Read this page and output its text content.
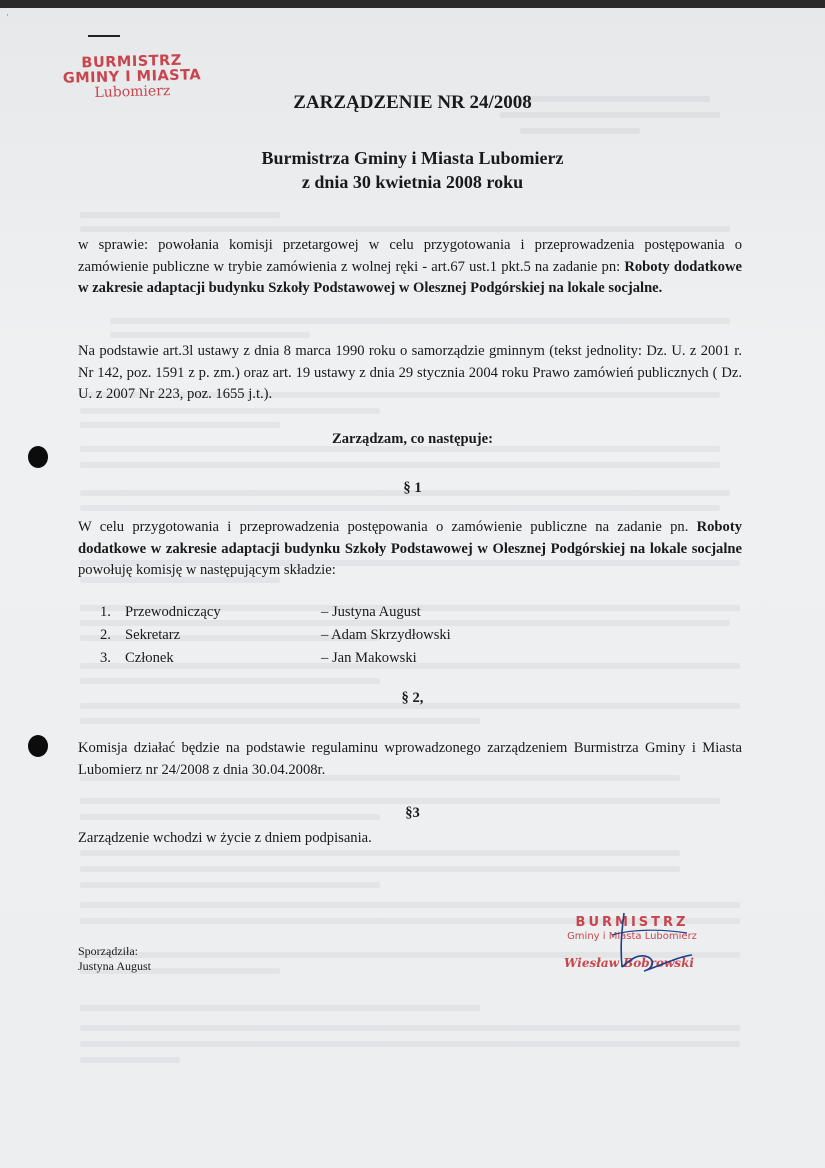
·
BURMISTRZ
GMINY I MIASTA
Lubomierz	ZARZĄDZENIE NR 24/2008
Burmistrza Gminy i Miasta Lubomierz
z dnia 30 kwietnia 2008 roku
w sprawie: powołania komisji przetargowej w celu przygotowania i przeprowadzenia postępowania o zamówienie publiczne w trybie zamówienia z wolnej ręki - art.67 ust.1 pkt.5 na zadanie pn: Roboty dodatkowe w zakresie adaptacji budynku Szkoły Podstawowej w Olesznej Podgórskiej na lokale socjalne.
Na podstawie art.3l ustawy z dnia 8 marca 1990 roku o samorządzie gminnym (tekst jednolity: Dz. U. z 2001 r. Nr 142, poz. 1591 z p. zm.) oraz art. 19 ustawy z dnia 29 stycznia 2004 roku Prawo zamówień publicznych ( Dz. U. z 2007 Nr 223, poz. 1655 j.t.).
Zarządzam, co następuje:
§ 1
W celu przygotowania i przeprowadzenia postępowania o zamówienie publiczne na zadanie pn. Roboty dodatkowe w zakresie adaptacji budynku Szkoły Podstawowej w Olesznej Podgórskiej na lokale socjalne powołuję komisję w następującym składzie:
1. Przewodniczący	– Justyna August
2. Sekretarz	– Adam Skrzydłowski
3. Członek	– Jan Makowski
§ 2,
Komisja działać będzie na podstawie regulaminu wprowadzonego zarządzeniem Burmistrza Gminy i Miasta Lubomierz nr 24/2008 z dnia 30.04.2008r.
§3
Zarządzenie wchodzi w życie z dniem podpisania.
Sporządziła:
Justyna August
BURMISTRZ
Gminy i Miasta Lubomierz
Wiesław Bobrowski
